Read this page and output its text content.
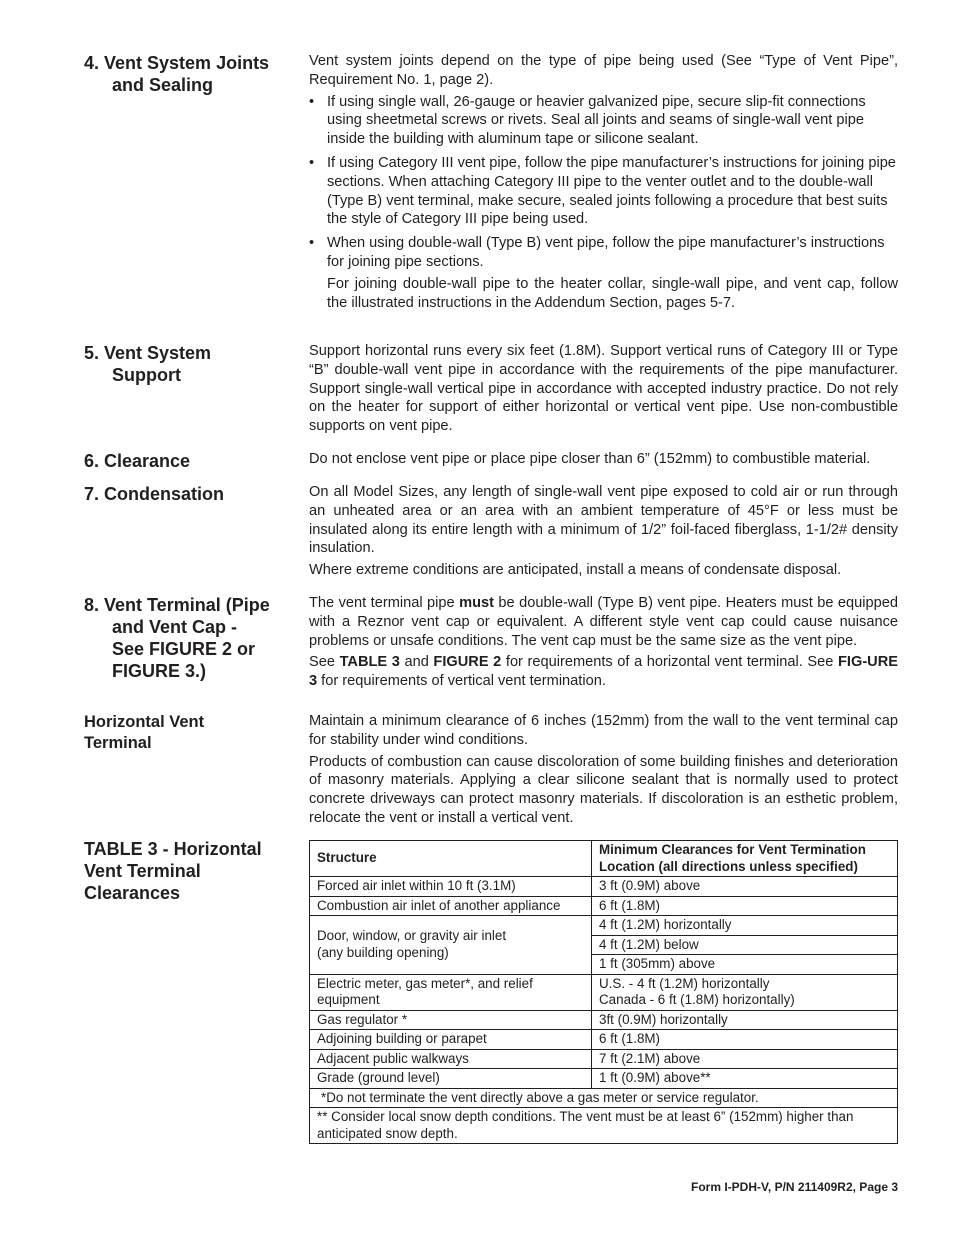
4. Vent System Joints
and Sealing

Vent system joints depend on the type of pipe being used (See “Type of Vent Pipe”, Requirement No. 1, page 2).

• If using single wall, 26-gauge or heavier galvanized pipe, secure slip-fit connections using sheetmetal screws or rivets. Seal all joints and seams of single-wall vent pipe inside the building with aluminum tape or silicone sealant.
• If using Category III vent pipe, follow the pipe manufacturer’s instructions for joining pipe sections. When attaching Category III pipe to the venter outlet and to the double-wall (Type B) vent terminal, make secure, sealed joints following a procedure that best suits the style of Category III pipe being used.
• When using double-wall (Type B) vent pipe, follow the pipe manufacturer’s instructions for joining pipe sections.

For joining double-wall pipe to the heater collar, single-wall pipe, and vent cap, follow the illustrated instructions in the Addendum Section, pages 5-7.

5. Vent System
Support

Support horizontal runs every six feet (1.8M). Support vertical runs of Category III or Type “B” double-wall vent pipe in accordance with the requirements of the pipe manufacturer. Support single-wall vertical pipe in accordance with accepted industry practice. Do not rely on the heater for support of either horizontal or vertical vent pipe. Use non-combustible supports on vent pipe.

6. Clearance	Do not enclose vent pipe or place pipe closer than 6” (152mm) to combustible material.

7. Condensation	On all Model Sizes, any length of single-wall vent pipe exposed to cold air or run through an unheated area or an area with an ambient temperature of 45°F or less must be insulated along its entire length with a minimum of 1/2” foil-faced fiberglass, 1-1/2# density insulation.

Where extreme conditions are anticipated, install a means of condensate disposal.

8. Vent Terminal (Pipe
and Vent Cap -
See FIGURE 2 or
FIGURE 3.)

The vent terminal pipe must be double-wall (Type B) vent pipe. Heaters must be equipped with a Reznor vent cap or equivalent. A different style vent cap could cause nuisance problems or unsafe conditions. The vent cap must be the same size as the vent pipe.

See TABLE 3 and FIGURE 2 for requirements of a horizontal vent terminal. See FIG-URE 3 for requirements of vertical vent termination.

Horizontal Vent
Terminal

Maintain a minimum clearance of 6 inches (152mm) from the wall to the vent terminal cap for stability under wind conditions.

Products of combustion can cause discoloration of some building finishes and deterioration of masonry materials. Applying a clear silicone sealant that is normally used to protect concrete driveways can protect masonry materials. If discoloration is an esthetic problem, relocate the vent or install a vertical vent.

TABLE 3 - Horizontal
Vent Terminal
Clearances
Structure	Minimum Clearances for Vent Termination Location (all directions unless specified)
Forced air inlet within 10 ft (3.1M)	3 ft (0.9M) above
Combustion air inlet of another appliance	6 ft (1.8M)

Door, window, or gravity air inlet
(any building opening)	4 ft (1.2M) horizontally
	4 ft (1.2M) below
	1 ft (305mm) above
Electric meter, gas meter*, and relief equipment	U.S. - 4 ft (1.2M) horizontally
Canada - 6 ft (1.8M) horizontally)

Gas regulator *	3ft (0.9M) horizontally
Adjoining building or parapet	6 ft (1.8M)
Adjacent public walkways	7 ft (2.1M) above
Grade (ground level)	1 ft (0.9M) above**
*Do not terminate the vent directly above a gas meter or service regulator.	
** Consider local snow depth conditions. The vent must be at least 6” (152mm) higher than anticipated snow depth.	
Form I-PDH-V, P/N 211409R2, Page 3
